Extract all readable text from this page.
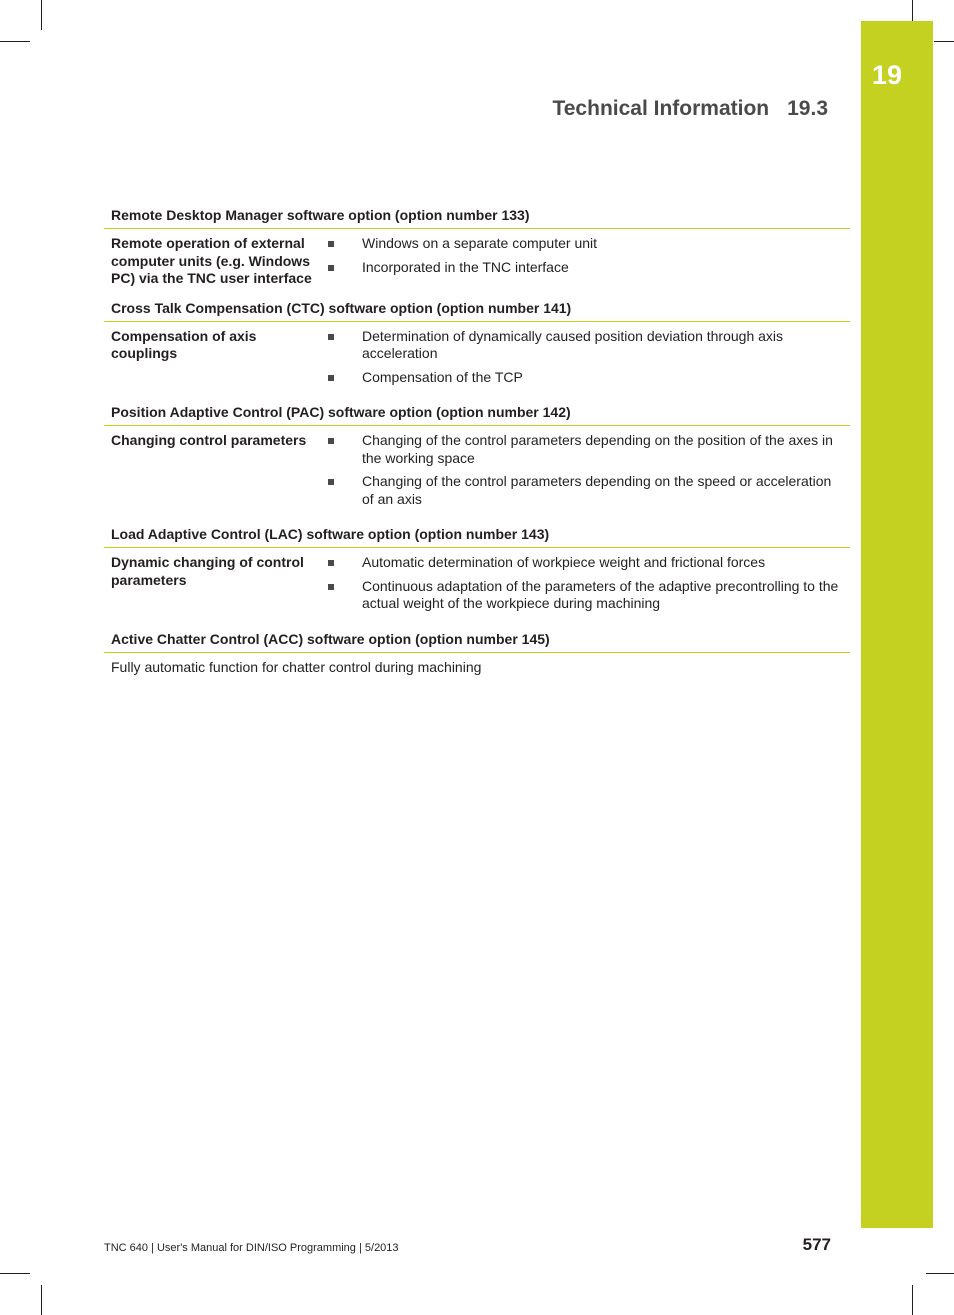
19
Technical Information 19.3
Remote Desktop Manager software option (option number 133)
Remote operation of external computer units (e.g. Windows PC) via the TNC user interface
Windows on a separate computer unit
Incorporated in the TNC interface
Cross Talk Compensation (CTC) software option (option number 141)
Compensation of axis couplings
Determination of dynamically caused position deviation through axis acceleration
Compensation of the TCP
Position Adaptive Control (PAC) software option (option number 142)
Changing control parameters	Changing of the control parameters depending on the position of the axes in the working space
Changing of the control parameters depending on the speed or acceleration of an axis
Load Adaptive Control (LAC) software option (option number 143)
Dynamic changing of control parameters
Automatic determination of workpiece weight and frictional forces
Continuous adaptation of the parameters of the adaptive precontrolling to the actual weight of the workpiece during machining
Active Chatter Control (ACC) software option (option number 145)
Fully automatic function for chatter control during machining
TNC 640 | User's Manual for DIN/ISO Programming | 5/2013	577
